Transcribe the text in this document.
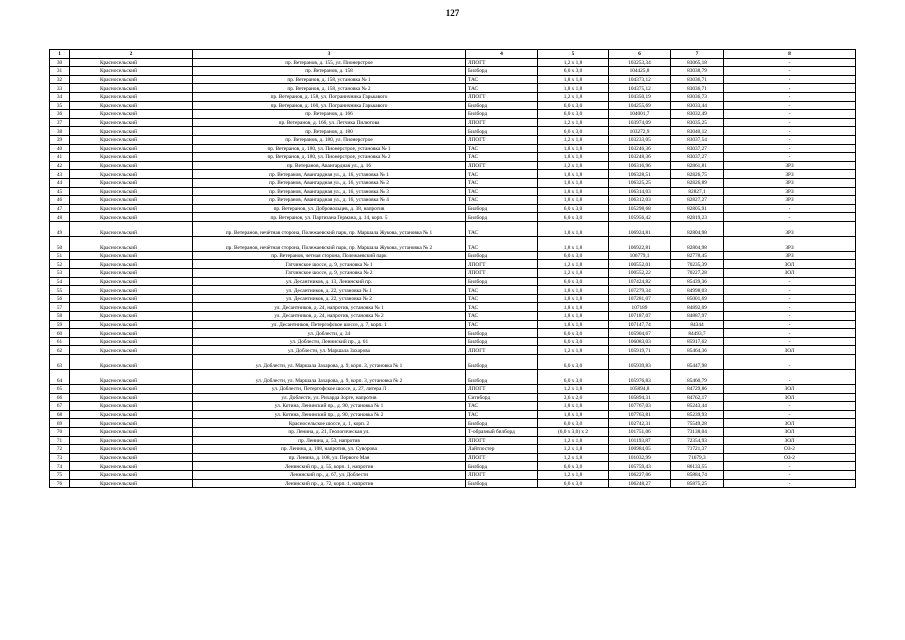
127
1	2	3	4	5	6	7	8
30	Красносельский	пр. Ветеранов, д. 155, ул. Пионерстрое	ЛПОГТ	1,2 х 1,8	103253,34	83065,18	-
31	Красносельский	пр. Ветеранов, д. 158	Билборд	6,0 х 3,0	104425,8	83038,79	-
32	Красносельский	пр. Ветеранов, д. 158, установка № 1	ТАС	1,8 х 1,8	104373,12	83036,71	-
33	Красносельский	пр. Ветеранов, д. 158, установка № 2	ТАС	1,8 х 1,8	104375,12	83036,71	-
34	Красносельский	пр. Ветеранов, д. 158, ул. Пограничника Гарькавого	ЛПОГТ	1,2 х 1,8	104350,19	83036,73	-
35	Красносельский	пр. Ветеранов, д. 160, ул. Пограничника Гарькавого	Билборд	6,0 х 3,0	104255,69	83033,44	-
36	Красносельский	пр. Ветеранов, д. 166	Билборд	6,0 х 3,0	104001,7	83032,49	-
37	Красносельский	пр. Ветеранов, д. 166, ул. Летчика Пилютова	ЛПОГТ	1,2 х 1,8	103974,09	83035,25	-
38	Красносельский	пр. Ветеранов, д. 180	Билборд	6,0 х 3,0	103272,9	83040,12	-
39	Красносельский	пр. Ветеранов, д. 180, ул. Пионерстрое	ЛПОГТ	1,2 х 1,8	103233,05	83037,54	-
40	Красносельский	пр. Ветеранов, д. 180, ул. Пионерстрое, установка № 1	ТАС	1,8 х 1,8	103246,36	83037,27	-
41	Красносельский	пр. Ветеранов, д. 180, ул. Пионерстрое, установка № 2	ТАС	1,8 х 1,8	103248,36	83037,27	-
42	Красносельский	пр. Ветеранов, Авангардная ул., д. 16	ЛПОГТ	1,2 х 1,8	106316,96	82861,81	ЗРЗ
43	Красносельский	пр. Ветеранов, Авангардная ул., д. 16, установка № 1	ТАС	1,8 х 1,8	106328,51	82826,75	ЗРЗ
44	Красносельский	пр. Ветеранов, Авангардная ул., д. 16, установка № 2	ТАС	1,8 х 1,8	106325,25	82826,89	ЗРЗ
45	Красносельский	пр. Ветеранов, Авангардная ул., д. 16, установка № 3	ТАС	1,8 х 1,8	106314,03	82827,1	ЗРЗ
46	Красносельский	пр. Ветеранов, Авангардная ул., д. 16, установка № 4	ТАС	1,8 х 1,8	106312,03	82827,27	ЗРЗ
47	Красносельский	пр. Ветеранов, ул. Добровольцев, д. 38, напротив	Билборд	6,0 х 3,0	105298,68	82805,91	-
48	Красносельский	пр. Ветеранов, ул. Партизана Германа, д. 14, корп. 5	Билборд	6,0 х 3,0	105956,42	82819,23	-
49	Красносельский	пр. Ветеранов, нечётная сторона, Полежаевский парк, пр. Маршала Жукова, установка № 1	ТАС	1,8 х 1,8	106924,81	82804,98	ЗРЗ
50	Красносельский	пр. Ветеранов, нечётная сторона, Полежаевский парк, пр. Маршала Жукова, установка № 2	ТАС	1,8 х 1,8	106922,81	82804,98	ЗРЗ
51	Красносельский	пр. Ветеранов, четная сторона, Полежаевский парк	Билборд	6,0 х 3,0	106779,1	82778,45	ЗРЗ
52	Красносельский	Гатчинское шоссе, д. 9, установка № 1	ЛПОГТ	1,2 х 1,8	100552,01	70235,39	ЗОЛ
53	Красносельский	Гатчинское шоссе, д. 9, установка № 2	ЛПОГТ	1,2 х 1,8	100552,22	70227,28	ЗОЛ
54	Красносельский	ул. Десантников, д. 13, Ленинский пр.	Билборд	6,0 х 3,0	107424,82	85439,36	-
55	Красносельский	ул. Десантников, д. 22, установка № 1	ТАС	1,8 х 1,8	107279,34	84998,03	-
56	Красносельский	ул. Десантников, д. 22, установка № 2	ТАС	1,8 х 1,8	107281,07	85001,69	-
57	Красносельский	ул. Десантников, д. 24, напротив, установка № 1	ТАС	1,8 х 1,8	107189	84892,09	-
58	Красносельский	ул. Десантников, д. 24, напротив, установка № 2	ТАС	1,8 х 1,8	107187,07	84887,97	-
59	Красносельский	ул. Десантников, Петергофское шоссе, д. 7, корп. 1	ТАС	1,8 х 1,8	107147,74	84344	-
60	Красносельский	ул. Доблести, д. 34	Билборд	6,0 х 3,0	105904,67	84493,7	-
61	Красносельский	ул. Доблести, Ленинский пр., д. 61	Билборд	6,0 х 3,0	106083,03	85917,62	-
62	Красносельский	ул. Доблести, ул. Маршала Захарова	ЛПОГТ	1,2 х 1,8	105919,71	85464,36	ЗОЛ
63	Красносельский	ул. Доблести, ул. Маршала Захарова, д. 9, корп. 3, установка № 1	Билборд	6,0 х 3,0	105939,83	85447,98	-
64	Красносельский	ул. Доблести, ул. Маршала Захарова, д. 9, корп. 3, установка № 2	Билборд	6,0 х 3,0	105976,83	85460,79	-
65	Красносельский	ул. Доблести, Петергофское шоссе, д. 27, литера Л	ЛПОГТ	1,2 х 1,8	105894,8	84729,86	ЗОЛ
66	Красносельский	ул. Доблести, ул. Рихарда Зорге, напротив	Ситиборд	3,6 х 2,6	105894,31	84762,17	ЗОЛ
67	Красносельский	ул. Котина, Ленинский пр., д. 90, установка № 1	ТАС	1,8 х 1,8	107767,03	85243,44	-
68	Красносельский	ул. Котина, Ленинский пр., д. 90, установка № 2	ТАС	1,8 х 1,8	107763,81	85239,93	-
69	Красносельский	Красносельское шоссе, д. 1, корп. 2	Билборд	6,0 х 3,0	102742,31	75549,28	ЗОЛ
70	Красносельский	пр. Ленина, д. 21, Геологическая ул.	Т-образный билборд	(6,0 х 3,0) х 2	101751,06	73138,04	ЗОЛ
71	Красносельский	пр. Ленина, д. 53, напротив	ЛПОГТ	1,2 х 1,8	101193,87	72354,93	ЗОЛ
72	Красносельский	пр. Ленина, д. 108, напротив, ул. Суворова	Лайтпостер	1,2 х 1,8	100984,05	71721,37	ОЗ-2
73	Красносельский	пр. Ленина, д. 108, ул. Первого Мая	ЛПОГТ	1,2 х 1,8	101032,99	71679,3	ОЗ-2
74	Красносельский	Ленинский пр., д. 55, корп. 1, напротив	Билборд	6,0 х 3,0	105759,43	86133,55	-
75	Красносельский	Ленинский пр., д. 67, ул. Доблести	ЛПОГТ	1,2 х 1,8	106227,06	85884,74	-
76	Красносельский	Ленинский пр., д. 72, корп. 1, напротив	Билборд	6,0 х 3,0	106248,27	85875,25	-
